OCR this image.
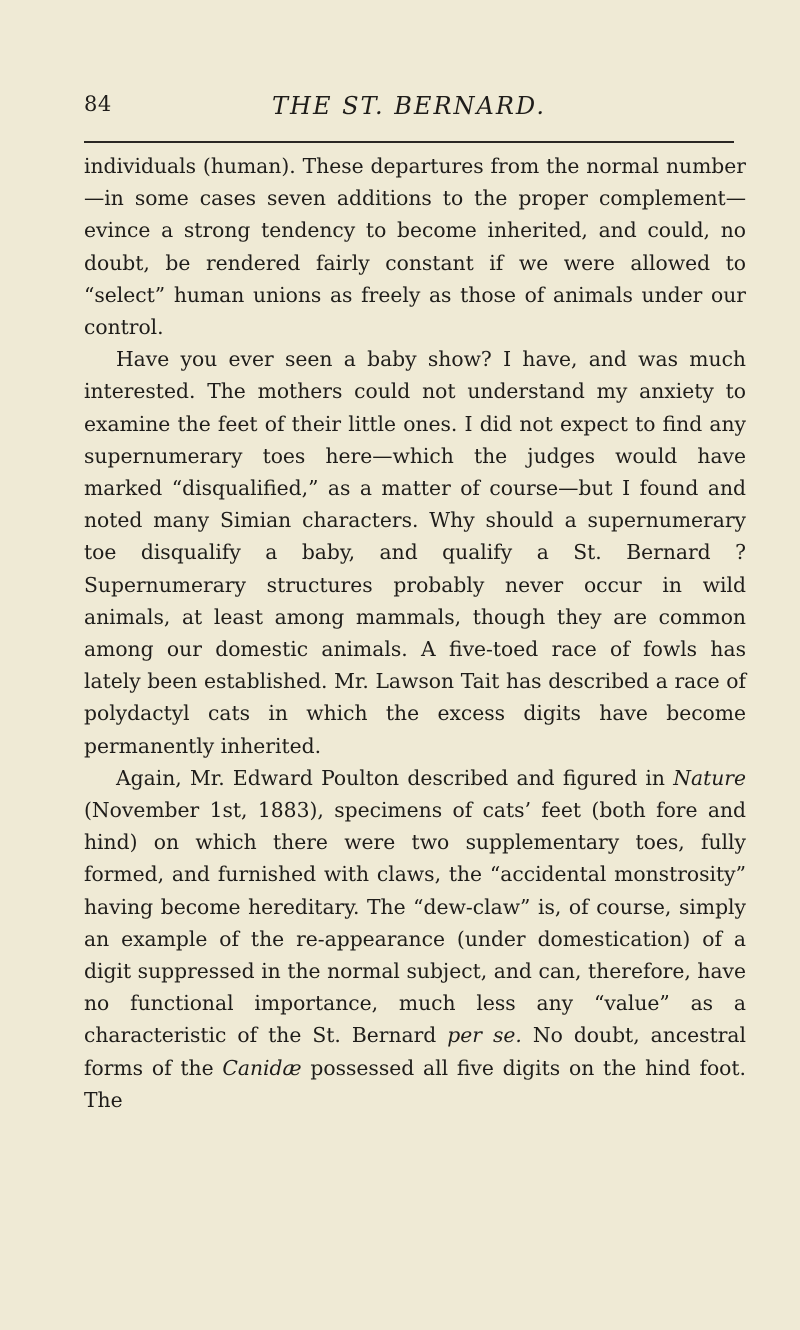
84	THE ST. BERNARD.

individuals (human). These departures from the normal number—in some cases seven additions to the proper complement—evince a strong tendency to become inherited, and could, no doubt, be rendered fairly constant if we were allowed to “select” human unions as freely as those of animals under our control.

Have you ever seen a baby show? I have, and was much interested. The mothers could not understand my anxiety to examine the feet of their little ones. I did not expect to find any supernumerary toes here—which the judges would have marked “disqualified,” as a matter of course—but I found and noted many Simian characters. Why should a supernumerary toe disqualify a baby, and qualify a St. Bernard ? Supernumerary structures probably never occur in wild animals, at least among mammals, though they are common among our domestic animals. A five-toed race of fowls has lately been established. Mr. Lawson Tait has described a race of polydactyl cats in which the excess digits have become permanently inherited.

Again, Mr. Edward Poulton described and figured in Nature (November 1st, 1883), specimens of cats’ feet (both fore and hind) on which there were two supplementary toes, fully formed, and furnished with claws, the “accidental monstrosity” having become hereditary. The “dew-claw” is, of course, simply an example of the re-appearance (under domestication) of a digit suppressed in the normal subject, and can, therefore, have no functional importance, much less any “value” as a characteristic of the St. Bernard per se. No doubt, ancestral forms of the Canidæ possessed all five digits on the hind foot. The
